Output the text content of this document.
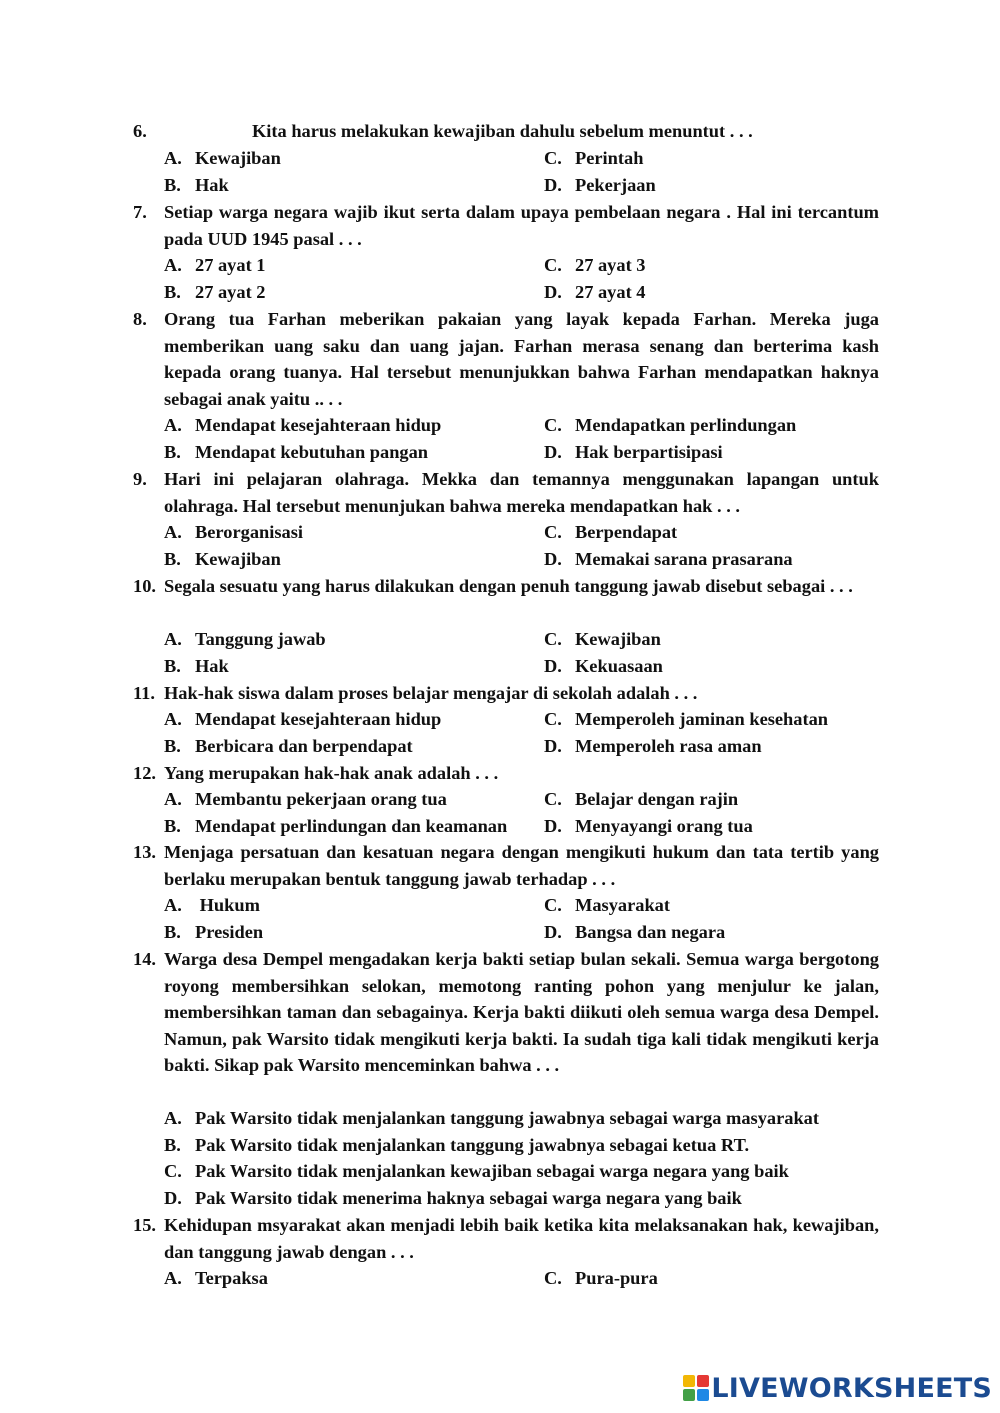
6.	Kita harus melakukan kewajiban dahulu sebelum menuntut . . .
A. Kewajiban	C. Perintah
B. Hak	D. Pekerjaan
7. Setiap warga negara wajib ikut serta dalam upaya pembelaan negara . Hal ini tercantum pada UUD 1945 pasal . . .
A. 27 ayat 1	C. 27 ayat 3
B. 27 ayat 2	D. 27 ayat 4
8. Orang tua Farhan meberikan pakaian yang layak kepada Farhan. Mereka juga memberikan uang saku dan uang jajan. Farhan merasa senang dan berterima kash kepada orang tuanya. Hal tersebut menunjukkan bahwa Farhan mendapatkan haknya sebagai anak yaitu .. . .
A. Mendapat kesejahteraan hidup	C. Mendapatkan perlindungan
B. Mendapat kebutuhan pangan	D. Hak berpartisipasi
9. Hari ini pelajaran olahraga. Mekka dan temannya menggunakan lapangan untuk olahraga. Hal tersebut menunjukan bahwa mereka mendapatkan hak . . .
A. Berorganisasi	C. Berpendapat
B. Kewajiban	D. Memakai sarana prasarana
10. Segala sesuatu yang harus dilakukan dengan penuh tanggung jawab disebut sebagai . . .
A. Tanggung jawab	C. Kewajiban
B. Hak	D. Kekuasaan
11. Hak-hak siswa dalam proses belajar mengajar di sekolah adalah . . .
A. Mendapat kesejahteraan hidup	C. Memperoleh jaminan kesehatan
B. Berbicara dan berpendapat	D. Memperoleh rasa aman
12. Yang merupakan hak-hak anak adalah . . .
A. Membantu pekerjaan orang tua	C. Belajar dengan rajin
B. Mendapat perlindungan dan keamanan D. Menyayangi orang tua
13. Menjaga persatuan dan kesatuan negara dengan mengikuti hukum dan tata tertib yang berlaku merupakan bentuk tanggung jawab terhadap . . .
A. Hukum	C. Masyarakat
B. Presiden	D. Bangsa dan negara
14. Warga desa Dempel mengadakan kerja bakti setiap bulan sekali. Semua warga bergotong royong membersihkan selokan, memotong ranting pohon yang menjulur ke jalan, membersihkan taman dan sebagainya. Kerja bakti diikuti oleh semua warga desa Dempel. Namun, pak Warsito tidak mengikuti kerja bakti. Ia sudah tiga kali tidak mengikuti kerja bakti. Sikap pak Warsito menceminkan bahwa . . .
A. Pak Warsito tidak menjalankan tanggung jawabnya sebagai warga masyarakat
B. Pak Warsito tidak menjalankan tanggung jawabnya sebagai ketua RT.
C. Pak Warsito tidak menjalankan kewajiban sebagai warga negara yang baik
D. Pak Warsito tidak menerima haknya sebagai warga negara yang baik
15. Kehidupan msyarakat akan menjadi lebih baik ketika kita melaksanakan hak, kewajiban, dan tanggung jawab dengan . . .
A. Terpaksa	C. Pura-pura
LIVEWORKSHEETS
